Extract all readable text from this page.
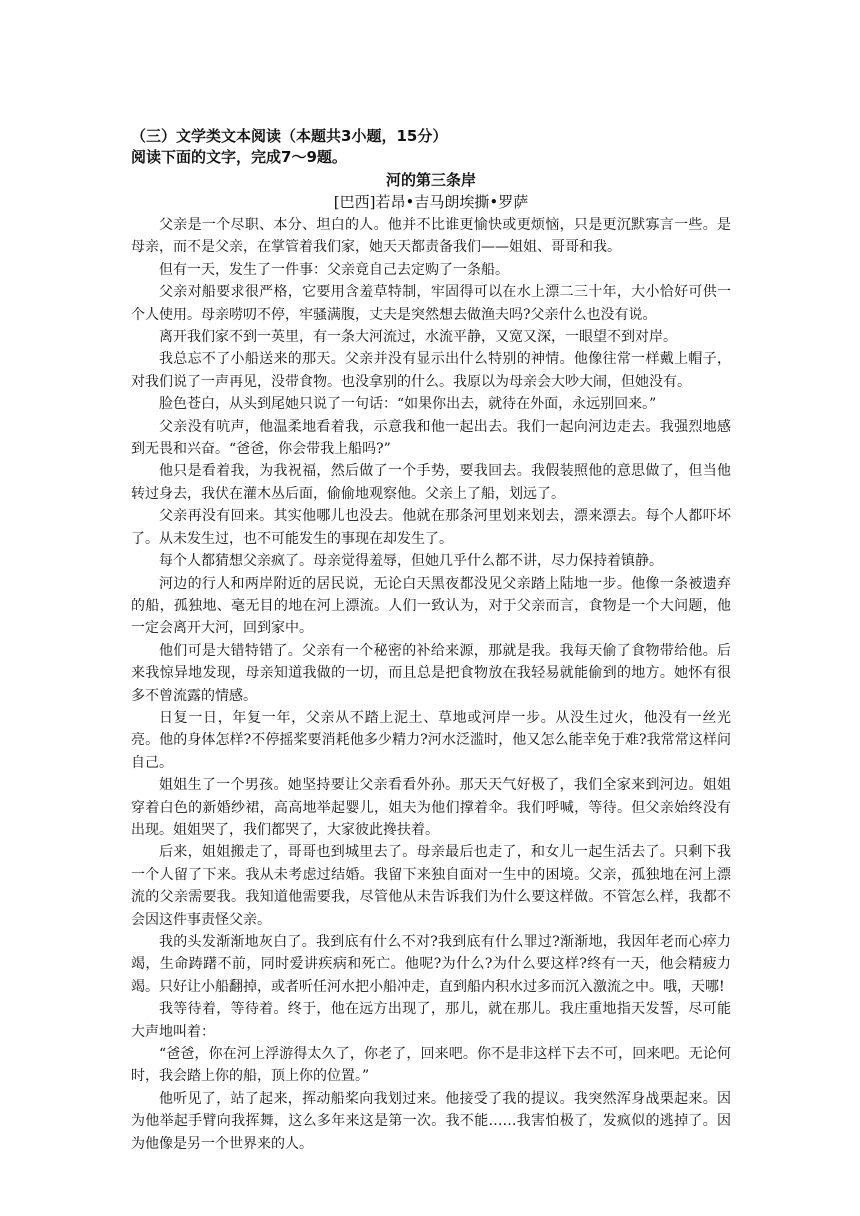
（三）文学类文本阅读（本题共3小题，15分）

阅读下面的文字，完成7～9题。

河的第三条岸

[巴西]若昂•吉马朗埃撕•罗萨

父亲是一个尽职、本分、坦白的人。他并不比谁更愉快或更烦恼，只是更沉默寡言一些。是母亲，而不是父亲，在掌管着我们家，她天天都责备我们——姐姐、哥哥和我。

但有一天，发生了一件事：父亲竟自己去定购了一条船。

父亲对船要求很严格，它要用含羞草特制，牢固得可以在水上漂二三十年，大小恰好可供一个人使用。母亲唠叨不停，牢骚满腹，丈夫是突然想去做渔夫吗?父亲什么也没有说。

离开我们家不到一英里，有一条大河流过，水流平静，又宽又深，一眼望不到对岸。

我总忘不了小船送来的那天。父亲并没有显示出什么特别的神情。他像往常一样戴上帽子，对我们说了一声再见，没带食物。也没拿别的什么。我原以为母亲会大吵大闹，但她没有。

脸色苍白，从头到尾她只说了一句话：“如果你出去，就待在外面，永远别回来。”

父亲没有吭声，他温柔地看着我，示意我和他一起出去。我们一起向河边走去。我强烈地感到无畏和兴奋。“爸爸，你会带我上船吗?”

他只是看着我，为我祝福，然后做了一个手势，要我回去。我假装照他的意思做了，但当他转过身去，我伏在灌木丛后面，偷偷地观察他。父亲上了船，划远了。

父亲再没有回来。其实他哪儿也没去。他就在那条河里划来划去，漂来漂去。每个人都吓坏了。从未发生过，也不可能发生的事现在却发生了。

每个人都猜想父亲疯了。母亲觉得羞辱，但她几乎什么都不讲，尽力保持着镇静。

河边的行人和两岸附近的居民说，无论白天黑夜都没见父亲踏上陆地一步。他像一条被遗弃的船，孤独地、毫无目的地在河上漂流。人们一致认为，对于父亲而言，食物是一个大问题，他一定会离开大河，回到家中。

他们可是大错特错了。父亲有一个秘密的补给来源，那就是我。我每天偷了食物带给他。后来我惊异地发现，母亲知道我做的一切，而且总是把食物放在我轻易就能偷到的地方。她怀有很多不曾流露的情感。

日复一日，年复一年，父亲从不踏上泥土、草地或河岸一步。从没生过火，他没有一丝光亮。他的身体怎样?不停摇桨要消耗他多少精力?河水泛滥时，他又怎么能幸免于难?我常常这样问自己。

姐姐生了一个男孩。她坚持要让父亲看看外孙。那天天气好极了，我们全家来到河边。姐姐穿着白色的新婚纱裙，高高地举起婴儿，姐夫为他们撑着伞。我们呼喊，等待。但父亲始终没有出现。姐姐哭了，我们都哭了，大家彼此搀扶着。

后来，姐姐搬走了，哥哥也到城里去了。母亲最后也走了，和女儿一起生活去了。只剩下我一个人留了下来。我从未考虑过结婚。我留下来独自面对一生中的困境。父亲，孤独地在河上漂流的父亲需要我。我知道他需要我，尽管他从未告诉我们为什么要这样做。不管怎么样，我都不会因这件事责怪父亲。

我的头发渐渐地灰白了。我到底有什么不对?我到底有什么罪过?渐渐地，我因年老而心瘁力竭，生命踌躇不前，同时爱讲疾病和死亡。他呢?为什么?为什么要这样?终有一天，他会精疲力竭。只好让小船翻掉，或者听任河水把小船冲走，直到船内积水过多而沉入激流之中。哦，天哪!

我等待着，等待着。终于，他在远方出现了，那儿，就在那儿。我庄重地指天发誓，尽可能大声地叫着：

“爸爸，你在河上浮游得太久了，你老了，回来吧。你不是非这样下去不可，回来吧。无论何时，我会踏上你的船，顶上你的位置。”

他听见了，站了起来，挥动船桨向我划过来。他接受了我的提议。我突然浑身战栗起来。因为他举起手臂向我挥舞，这么多年来这是第一次。我不能……我害怕极了，发疯似的逃掉了。因为他像是另一个世界来的人。
